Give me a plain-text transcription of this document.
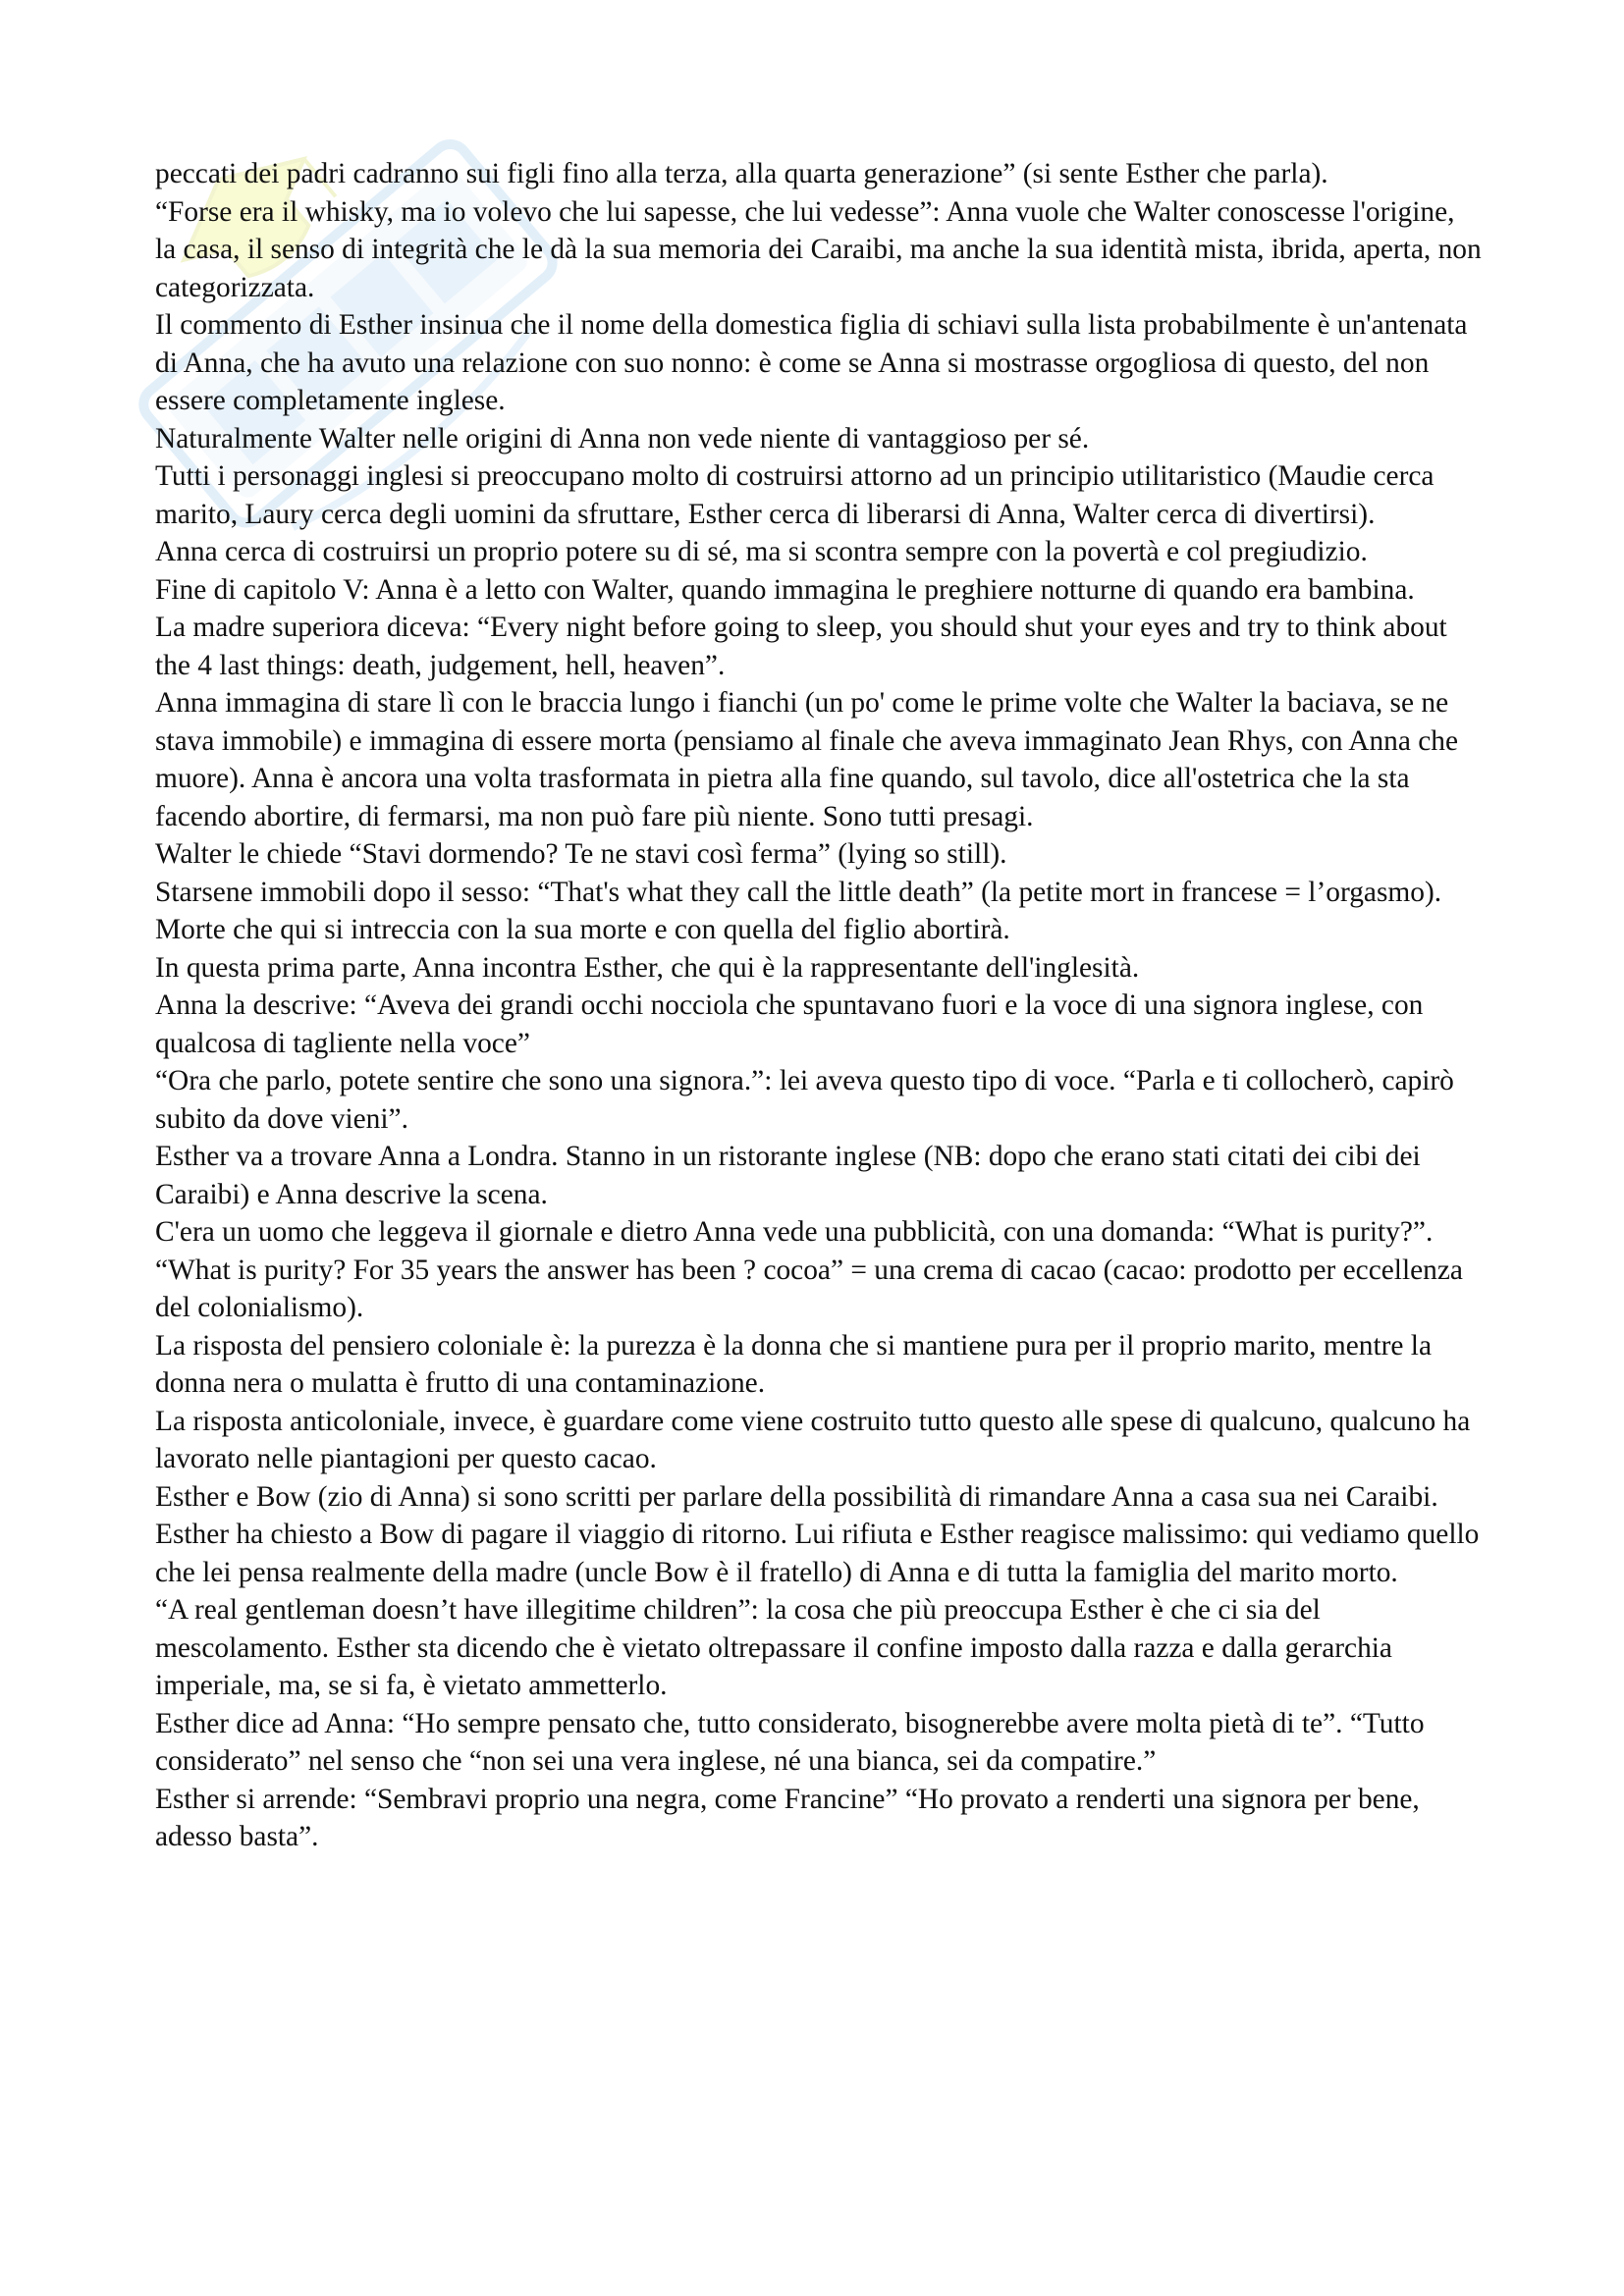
peccati dei padri cadranno sui figli fino alla terza, alla quarta generazione” (si sente Esther che parla).

“Forse era il whisky, ma io volevo che lui sapesse, che lui vedesse”: Anna vuole che Walter conoscesse l'origine, la casa, il senso di integrità che le dà la sua memoria dei Caraibi, ma anche la sua identità mista, ibrida, aperta, non categorizzata.

Il commento di Esther insinua che il nome della domestica figlia di schiavi sulla lista probabilmente è un'antenata di Anna, che ha avuto una relazione con suo nonno: è come se Anna si mostrasse orgogliosa di questo, del non essere completamente inglese.

Naturalmente Walter nelle origini di Anna non vede niente di vantaggioso per sé.

Tutti i personaggi inglesi si preoccupano molto di costruirsi attorno ad un principio utilitaristico (Maudie cerca marito, Laury cerca degli uomini da sfruttare, Esther cerca di liberarsi di Anna, Walter cerca di divertirsi).

Anna cerca di costruirsi un proprio potere su di sé, ma si scontra sempre con la povertà e col pregiudizio.

Fine di capitolo V: Anna è a letto con Walter, quando immagina le preghiere notturne di quando era bambina.

La madre superiora diceva: “Every night before going to sleep, you should shut your eyes and try to think about the 4 last things: death, judgement, hell, heaven”.

Anna immagina di stare lì con le braccia lungo i fianchi (un po' come le prime volte che Walter la baciava, se ne stava immobile) e immagina di essere morta (pensiamo al finale che aveva immaginato Jean Rhys, con Anna che muore). Anna è ancora una volta trasformata in pietra alla fine quando, sul tavolo, dice all'ostetrica che la sta facendo abortire, di fermarsi, ma non può fare più niente. Sono tutti presagi.

Walter le chiede “Stavi dormendo? Te ne stavi così ferma” (lying so still).

Starsene immobili dopo il sesso: “That's what they call the little death” (la petite mort in francese = l’orgasmo). Morte che qui si intreccia con la sua morte e con quella del figlio abortirà.

In questa prima parte, Anna incontra Esther, che qui è la rappresentante dell'inglesità.

Anna la descrive: “Aveva dei grandi occhi nocciola che spuntavano fuori e la voce di una signora inglese, con qualcosa di tagliente nella voce”

“Ora che parlo, potete sentire che sono una signora.”: lei aveva questo tipo di voce. “Parla e ti collocherò, capirò subito da dove vieni”.

Esther va a trovare Anna a Londra. Stanno in un ristorante inglese (NB: dopo che erano stati citati dei cibi dei Caraibi) e Anna descrive la scena.

C'era un uomo che leggeva il giornale e dietro Anna vede una pubblicità, con una domanda: “What is purity?”.

“What is purity? For 35 years the answer has been ? cocoa” = una crema di cacao (cacao: prodotto per eccellenza del colonialismo).

La risposta del pensiero coloniale è: la purezza è la donna che si mantiene pura per il proprio marito, mentre la donna nera o mulatta è frutto di una contaminazione.

La risposta anticoloniale, invece, è guardare come viene costruito tutto questo alle spese di qualcuno, qualcuno ha lavorato nelle piantagioni per questo cacao.

Esther e Bow (zio di Anna) si sono scritti per parlare della possibilità di rimandare Anna a casa sua nei Caraibi. Esther ha chiesto a Bow di pagare il viaggio di ritorno. Lui rifiuta e Esther reagisce malissimo: qui vediamo quello che lei pensa realmente della madre (uncle Bow è il fratello) di Anna e di tutta la famiglia del marito morto.

“A real gentleman doesn’t have illegitime children”: la cosa che più preoccupa Esther è che ci sia del mescolamento. Esther sta dicendo che è vietato oltrepassare il confine imposto dalla razza e dalla gerarchia imperiale, ma, se si fa, è vietato ammetterlo.

Esther dice ad Anna: “Ho sempre pensato che, tutto considerato, bisognerebbe avere molta pietà di te”. “Tutto considerato” nel senso che “non sei una vera inglese, né una bianca, sei da compatire.”

Esther si arrende: “Sembravi proprio una negra, come Francine” “Ho provato a renderti una signora per bene, adesso basta”.
